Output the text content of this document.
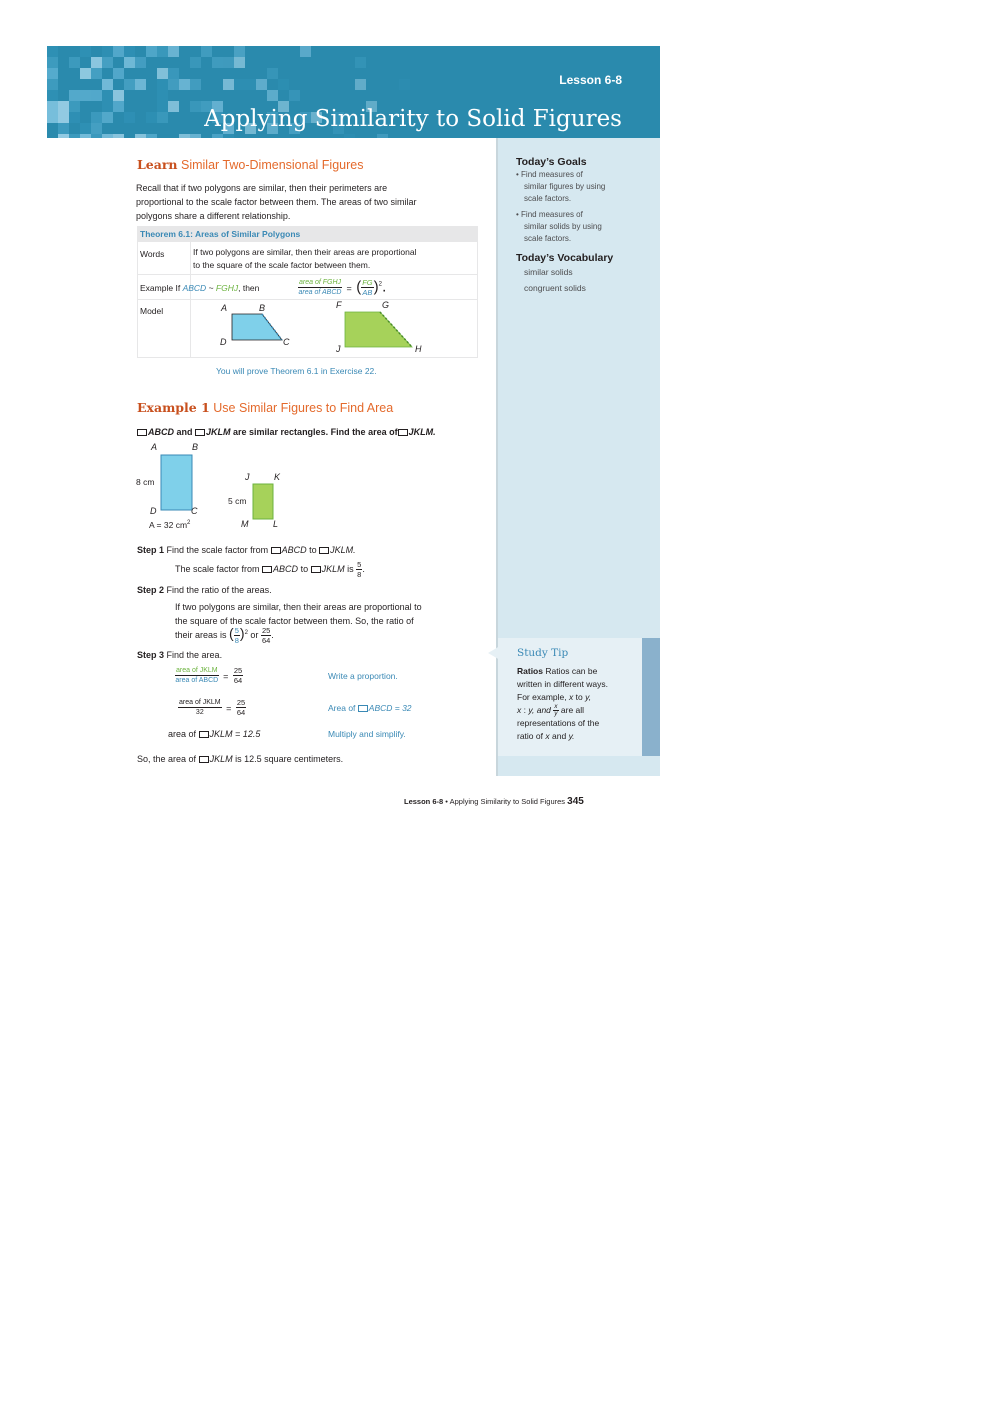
Lesson 6-8
Applying Similarity to Solid Figures
Today’s Goals
• Find measures of
similar figures by using
scale factors.
• Find measures of
similar solids by using
scale factors.
Today’s Vocabulary
similar solids
congruent solids
Study Tip
Ratios Ratios can be
written in different ways.
For example, x to y,
x : y, and $\frac{x}{y}$ are all
representations of the
ratio of x and y.
Learn Similar Two-Dimensional Figures
Recall that if two polygons are similar, then their perimeters are
proportional to the scale factor between them. The areas of two similar
polygons share a different relationship.
Theorem 6.1: Areas of Similar Polygons
Words	If two polygons are similar, then their areas are proportional
to the square of the scale factor between them.
Example If ABCD ~ FGHJ, then	$\frac{\text{area of FGHJ}}{\text{area of ABCD}}$ = ( $\frac{FG}{AB} )^2$.
Model	A	B
C
D
F	G
H
J
You will prove Theorem 6.1 in Exercise 22.
Example 1 Use Similar Figures to Find Area
ABCD and JKLM are similar rectangles. Find the area of JKLM.
A	B
C
D
8 cm
A = 32 $cm^2$
J	K
L
M
5 cm
Step 1 Find the scale factor from ABCD to JKLM.
The scale factor from ABCD to JKLM is $\frac{5}{8}$ .
Step 2 Find the ratio of the areas.
If two polygons are similar, then their areas are proportional to
the square of the scale factor between them. So, the ratio of
their areas is ( $\frac{5}{8} )^2$ or $\frac{25}{64}$ .
Step 3 Find the area.
$\frac{\text{area of JKLM}}{\text{area of ABCD}} = \frac{25}{64}$	Write a proportion.
$\frac{\text{area of JKLM}}{32} = \frac{25}{64}$	Area of ABCD = 32
area of JKLM = 12.5	Multiply and simplify.
So, the area of JKLM is 12.5 square centimeters.
Lesson 6-8 • Applying Similarity to Solid Figures 345
